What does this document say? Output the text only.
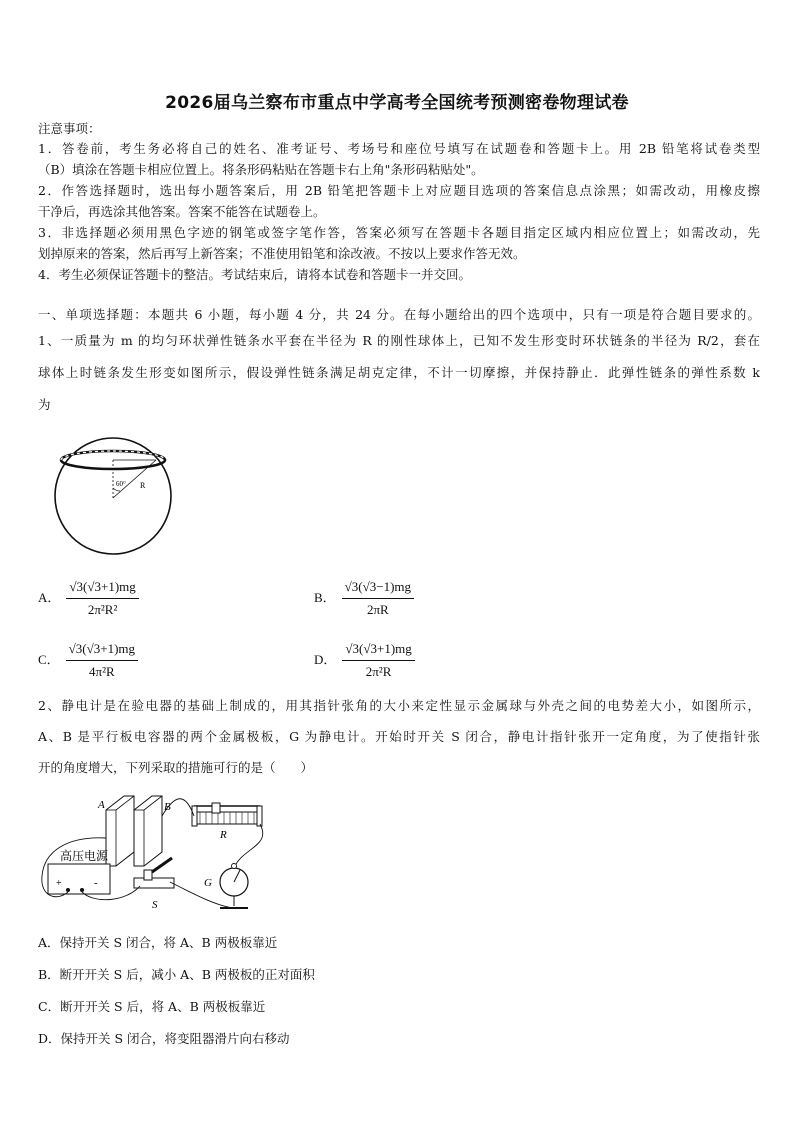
2026届乌兰察布市重点中学高考全国统考预测密卷物理试卷
注意事项：
1．答卷前，考生务必将自己的姓名、准考证号、考场号和座位号填写在试题卷和答题卡上。用 2B 铅笔将试卷类型
（B）填涂在答题卡相应位置上。将条形码粘贴在答题卡右上角"条形码粘贴处"。
2．作答选择题时，选出每小题答案后，用 2B 铅笔把答题卡上对应题目选项的答案信息点涂黑；如需改动，用橡皮擦
干净后，再选涂其他答案。答案不能答在试题卷上。
3．非选择题必须用黑色字迹的钢笔或签字笔作答，答案必须写在答题卡各题目指定区域内相应位置上；如需改动，先
划掉原来的答案，然后再写上新答案；不准使用铅笔和涂改液。不按以上要求作答无效。
4．考生必须保证答题卡的整洁。考试结束后，请将本试卷和答题卡一并交回。
一、单项选择题：本题共 6 小题，每小题 4 分，共 24 分。在每小题给出的四个选项中，只有一项是符合题目要求的。
1、一质量为 m 的均匀环状弹性链条水平套在半径为 R 的刚性球体上，已知不发生形变时环状链条的半径为 R/2，套在
球体上时链条发生形变如图所示，假设弹性链条满足胡克定律，不计一切摩擦，并保持静止．此弹性链条的弹性系数 k
为
60° R
A． $\frac{√3(√3+1)mg}{\text{2π²R²}}$	B． $\frac{√3(√3-1)mg}{2\pi R}$
C． $\frac{√3(√3+1)mg}{\text{4π²R}}$	D． $\frac{√3(√3+1)mg}{\text{2π²R}}$
2、静电计是在验电器的基础上制成的，用其指针张角的大小来定性显示金属球与外壳之间的电势差大小，如图所示，
A、B 是平行板电容器的两个金属极板，G 为静电计。开始时开关 S 闭合，静电计指针张开一定角度，为了使指针张
开的角度增大，下列采取的措施可行的是（　　）
A	B
R
高压电源
+	-
S
G
A．保持开关 S 闭合，将 A、B 两极板靠近
B．断开开关 S 后，减小 A、B 两极板的正对面积
C．断开开关 S 后，将 A、B 两极板靠近
D．保持开关 S 闭合，将变阻器滑片向右移动
